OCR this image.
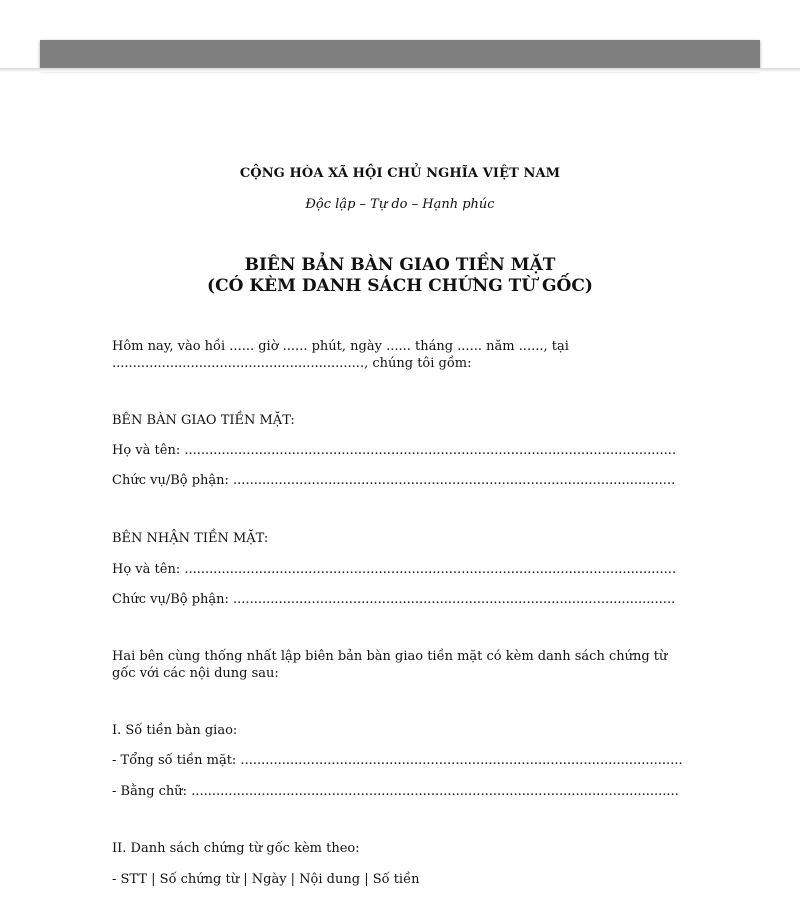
CỘNG HÒA XÃ HỘI CHỦ NGHĨA VIỆT NAM
Độc lập – Tự do – Hạnh phúc
BIÊN BẢN BÀN GIAO TIỀN MẶT
(CÓ KÈM DANH SÁCH CHỨNG TỪ GỐC)
Hôm nay, vào hồi ...... giờ ...... phút, ngày ...... tháng ...... năm ......, tại ............................................................., chúng tôi gồm:
BÊN BÀN GIAO TIỀN MẶT:
Họ và tên: .......................................................................................................................
Chức vụ/Bộ phận: ...........................................................................................................
BÊN NHẬN TIỀN MẶT:
Họ và tên: .......................................................................................................................
Chức vụ/Bộ phận: ...........................................................................................................
Hai bên cùng thống nhất lập biên bản bàn giao tiền mặt có kèm danh sách chứng từ gốc với các nội dung sau:
I. Số tiền bàn giao:
- Tổng số tiền mặt: ...........................................................................................................
- Bằng chữ: ......................................................................................................................
II. Danh sách chứng từ gốc kèm theo:
- STT | Số chứng từ | Ngày | Nội dung | Số tiền
